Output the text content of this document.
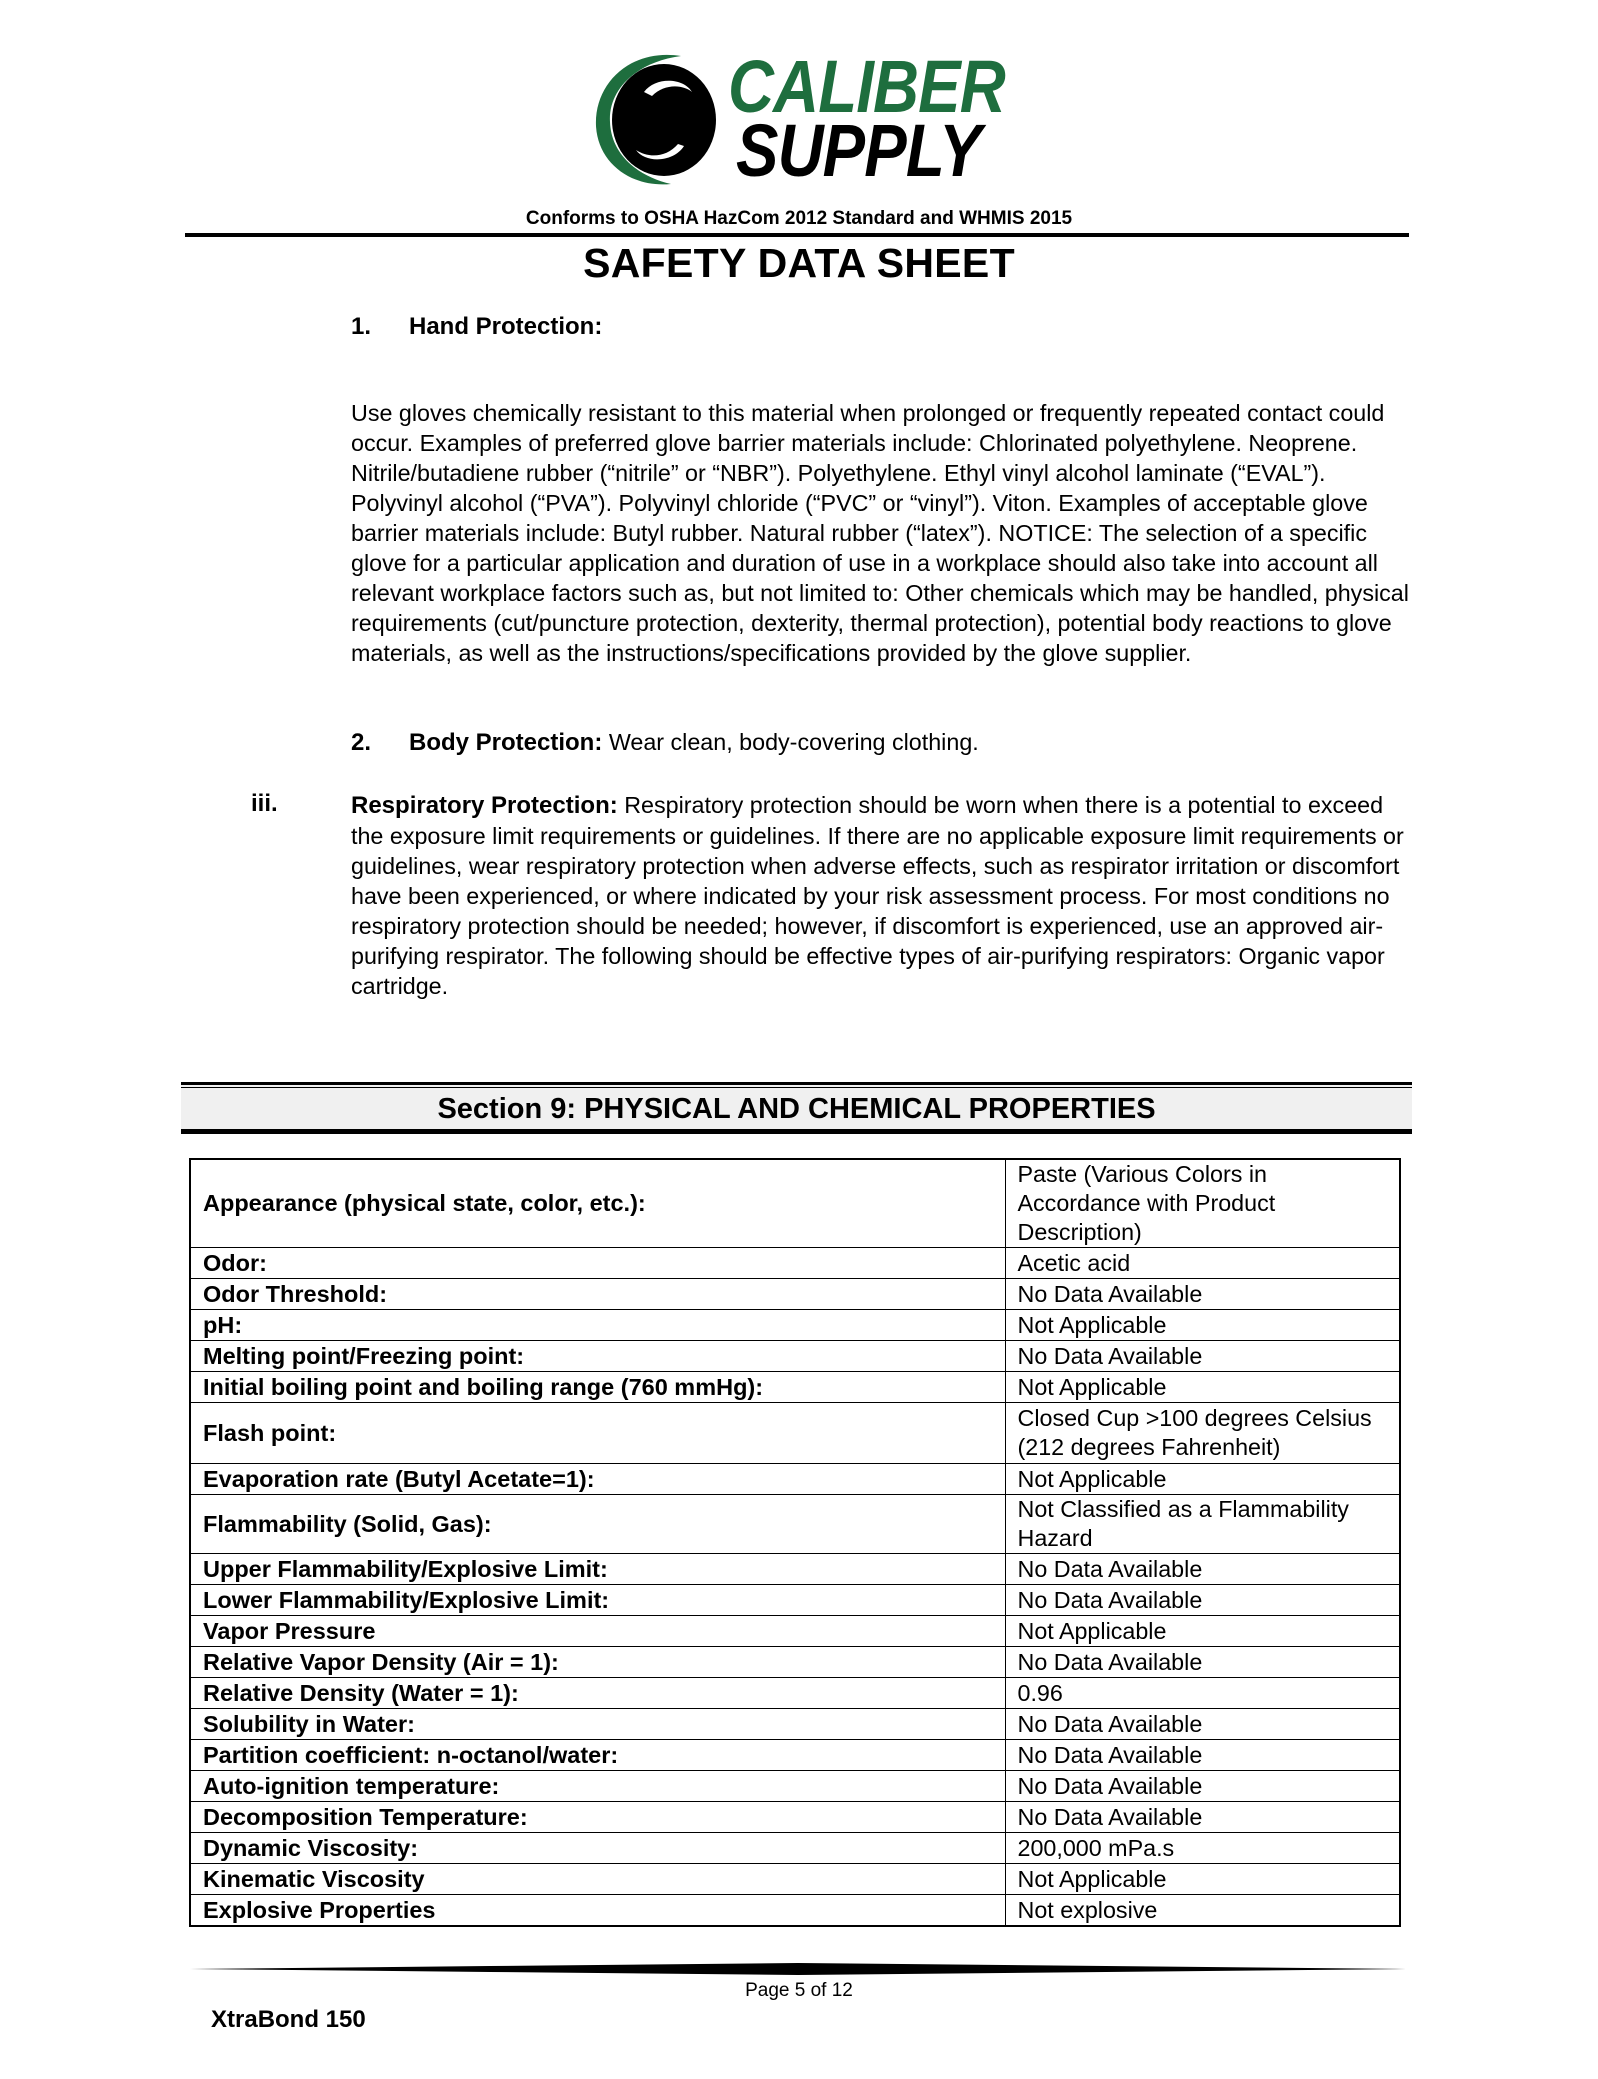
CALIBER
SUPPLY
Conforms to OSHA HazCom 2012 Standard and WHMIS 2015
SAFETY DATA SHEET
1. Hand Protection:
Use gloves chemically resistant to this material when prolonged or frequently repeated contact could occur. Examples of preferred glove barrier materials include: Chlorinated polyethylene. Neoprene. Nitrile/butadiene rubber (“nitrile” or “NBR”). Polyethylene. Ethyl vinyl alcohol laminate (“EVAL”). Polyvinyl alcohol (“PVA”). Polyvinyl chloride (“PVC” or “vinyl”). Viton. Examples of acceptable glove barrier materials include: Butyl rubber. Natural rubber (“latex”). NOTICE: The selection of a specific glove for a particular application and duration of use in a workplace should also take into account all relevant workplace factors such as, but not limited to: Other chemicals which may be handled, physical requirements (cut/puncture protection, dexterity, thermal protection), potential body reactions to glove materials, as well as the instructions/specifications provided by the glove supplier.
2. Body Protection: Wear clean, body-covering clothing.
iii.	Respiratory Protection: Respiratory protection should be worn when there is a potential to exceed the exposure limit requirements or guidelines. If there are no applicable exposure limit requirements or guidelines, wear respiratory protection when adverse effects, such as respirator irritation or discomfort have been experienced, or where indicated by your risk assessment process. For most conditions no respiratory protection should be needed; however, if discomfort is experienced, use an approved air-purifying respirator. The following should be effective types of air-purifying respirators: Organic vapor cartridge.
Section 9: PHYSICAL AND CHEMICAL PROPERTIES
Appearance (physical state, color, etc.):	Paste (Various Colors in Accordance with Product Description)
Odor:	Acetic acid
Odor Threshold:	No Data Available
pH:	Not Applicable
Melting point/Freezing point:	No Data Available
Initial boiling point and boiling range (760 mmHg):	Not Applicable
Flash point:	Closed Cup >100 degrees Celsius (212 degrees Fahrenheit)
Evaporation rate (Butyl Acetate=1):	Not Applicable
Flammability (Solid, Gas):	Not Classified as a Flammability Hazard
Upper Flammability/Explosive Limit:	No Data Available
Lower Flammability/Explosive Limit:	No Data Available
Vapor Pressure	Not Applicable
Relative Vapor Density (Air = 1):	No Data Available
Relative Density (Water = 1):	0.96
Solubility in Water:	No Data Available
Partition coefficient: n-octanol/water:	No Data Available
Auto-ignition temperature:	No Data Available
Decomposition Temperature:	No Data Available
Dynamic Viscosity:	200,000 mPa.s
Kinematic Viscosity	Not Applicable
Explosive Properties	Not explosive
Page 5 of 12
XtraBond 150
